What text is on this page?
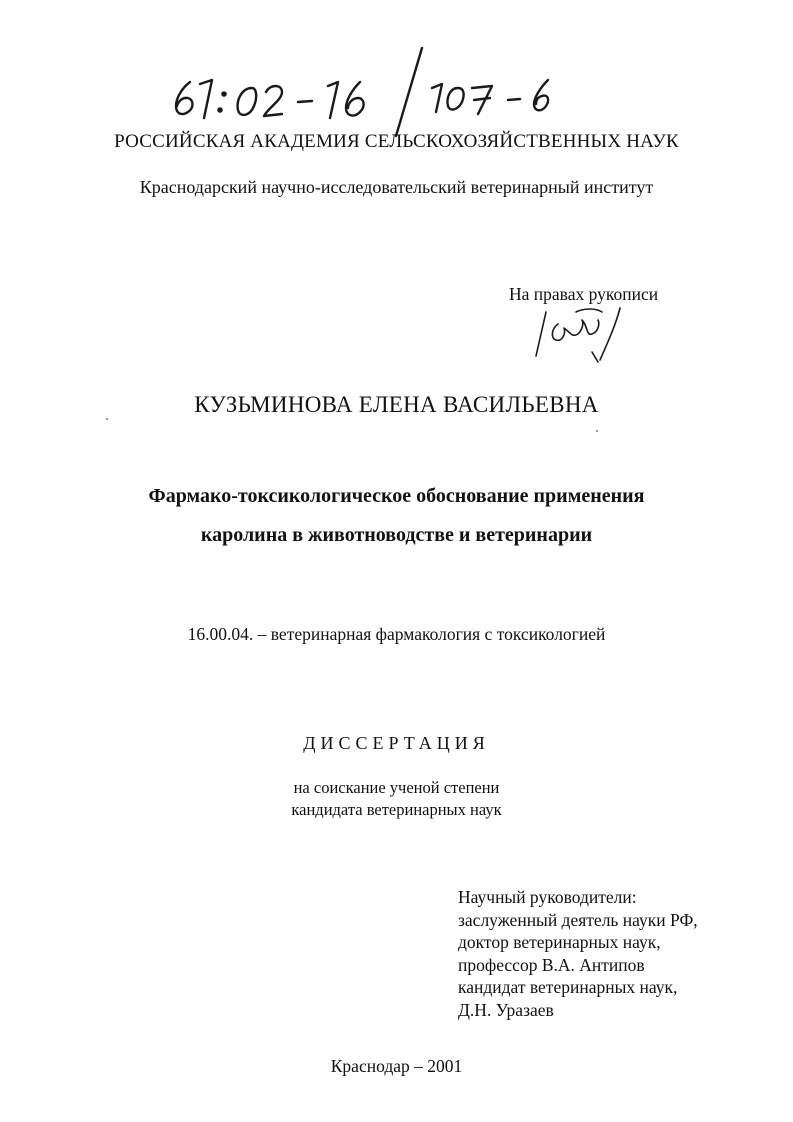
РОССИЙСКАЯ АКАДЕМИЯ СЕЛЬСКОХОЗЯЙСТВЕННЫХ НАУК
Краснодарский научно-исследовательский ветеринарный институт
На правах рукописи
КУЗЬМИНОВА ЕЛЕНА ВАСИЛЬЕВНА
Фармако-токсикологическое обоснование применения
каролина в животноводстве и ветеринарии
16.00.04. – ветеринарная фармакология с токсикологией
ДИССЕРТАЦИЯ
на соискание ученой степени
кандидата ветеринарных наук
Научный руководители:
заслуженный деятель науки РФ,
доктор ветеринарных наук,
профессор В.А. Антипов
кандидат ветеринарных наук,
Д.Н. Уразаев
Краснодар – 2001
